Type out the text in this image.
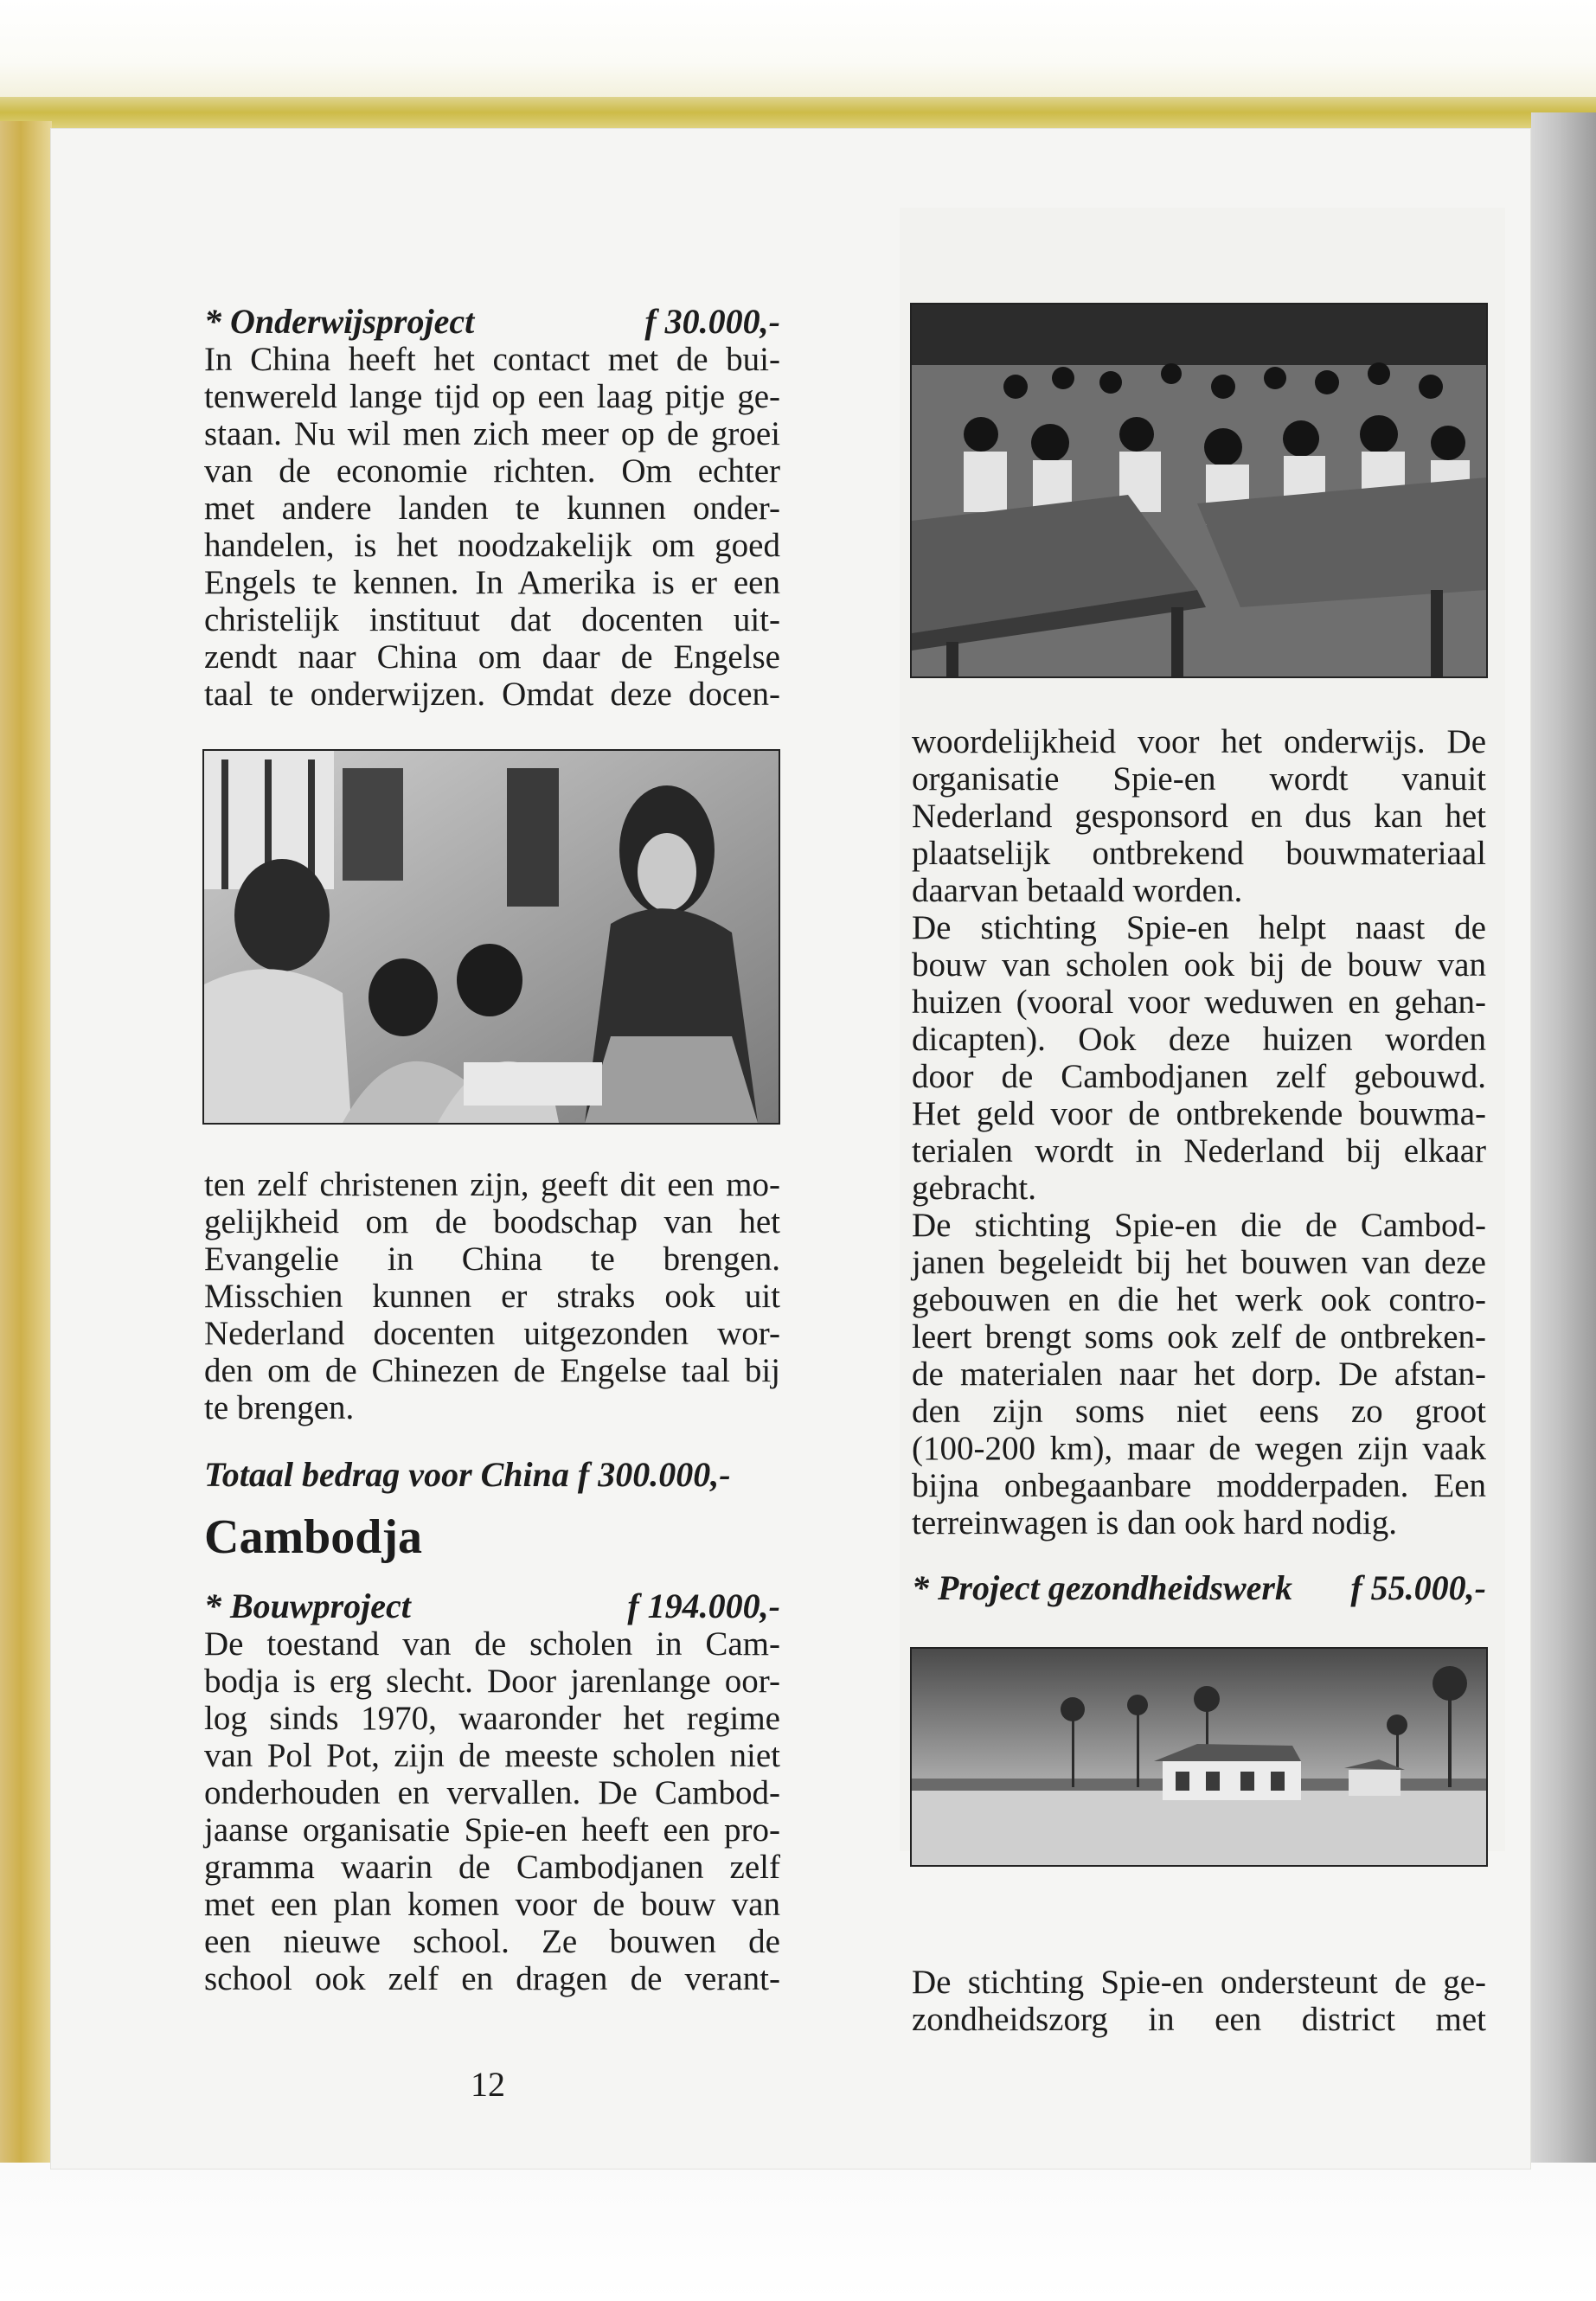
* Onderwijsproject	f 30.000,-

In China heeft het contact met de bui-

tenwereld lange tijd op een laag pitje ge-

staan. Nu wil men zich meer op de groei

van de economie richten. Om echter

met andere landen te kunnen onder-

handelen, is het noodzakelijk om goed

Engels te kennen. In Amerika is er een

christelijk instituut dat docenten uit-

zendt naar China om daar de Engelse

taal te onderwijzen. Omdat deze docen-

ten zelf christenen zijn, geeft dit een mo-

gelijkheid om de boodschap van het

Evangelie in China te brengen.

Misschien kunnen er straks ook uit

Nederland docenten uitgezonden wor-

den om de Chinezen de Engelse taal bij

te brengen.

Totaal bedrag voor China f 300.000,-

Cambodja
* Bouwproject	f 194.000,-

De toestand van de scholen in Cam-

bodja is erg slecht. Door jarenlange oor-

log sinds 1970, waaronder het regime

van Pol Pot, zijn de meeste scholen niet

onderhouden en vervallen. De Cambod-

jaanse organisatie Spie-en heeft een pro-

gramma waarin de Cambodjanen zelf

met een plan komen voor de bouw van

een nieuwe school. Ze bouwen de

school ook zelf en dragen de verant-

woordelijkheid voor het onderwijs. De

organisatie Spie-en wordt vanuit

Nederland gesponsord en dus kan het

plaatselijk ontbrekend bouwmateriaal

daarvan betaald worden.

De stichting Spie-en helpt naast de

bouw van scholen ook bij de bouw van

huizen (vooral voor weduwen en gehan-

dicapten). Ook deze huizen worden

door de Cambodjanen zelf gebouwd.

Het geld voor de ontbrekende bouwma-

terialen wordt in Nederland bij elkaar

gebracht.

De stichting Spie-en die de Cambod-

janen begeleidt bij het bouwen van deze

gebouwen en die het werk ook contro-

leert brengt soms ook zelf de ontbreken-

de materialen naar het dorp. De afstan-

den zijn soms niet eens zo groot

(100-200 km), maar de wegen zijn vaak

bijna onbegaanbare modderpaden. Een

terreinwagen is dan ook hard nodig.

* Project gezondheidswerk f 55.000,-

De stichting Spie-en ondersteunt de ge-

zondheidszorg in een district met

12
